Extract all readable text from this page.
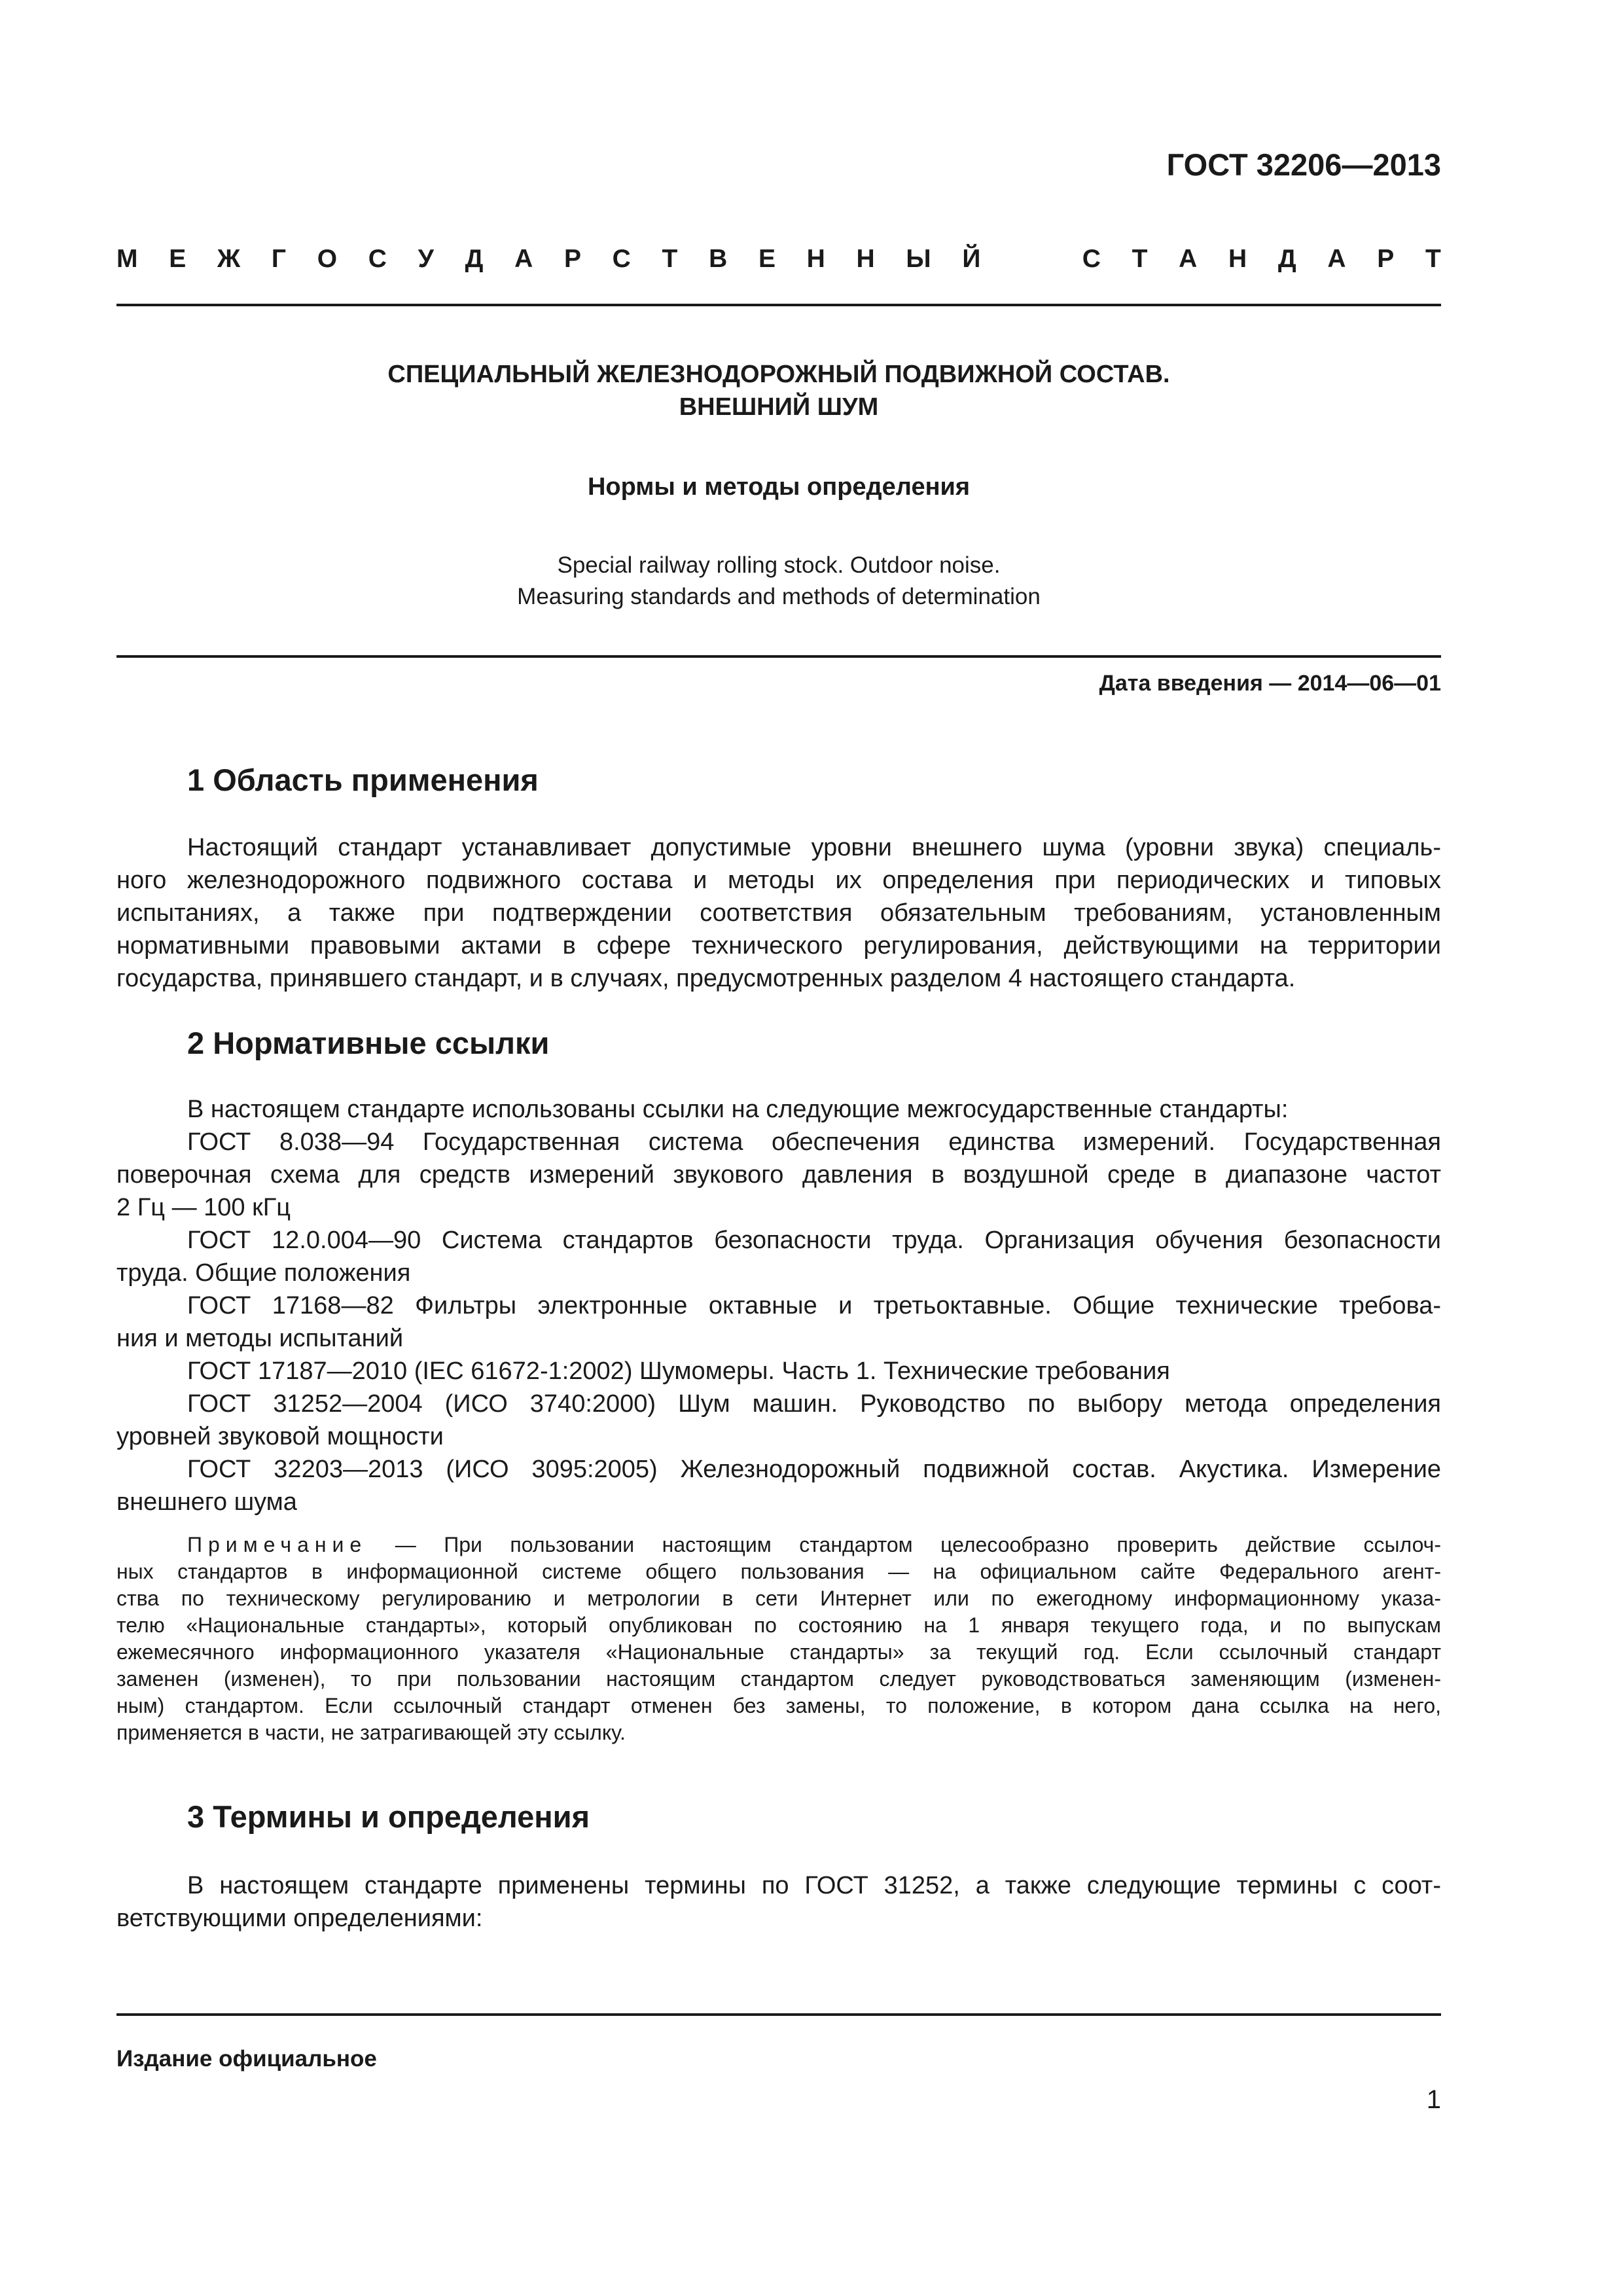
ГОСТ 32206—2013
М Е Ж Г О С У Д А Р С Т В Е Н Н Ы Й	С Т А Н Д А Р Т
СПЕЦИАЛЬНЫЙ ЖЕЛЕЗНОДОРОЖНЫЙ ПОДВИЖНОЙ СОСТАВ.
ВНЕШНИЙ ШУМ
Нормы и методы определения
Special railway rolling stock. Outdoor noise.
Measuring standards and methods of determination
Дата введения — 2014—06—01
1 Область применения
Настоящий стандарт устанавливает допустимые уровни внешнего шума (уровни звука) специаль-
ного железнодорожного подвижного состава и методы их определения при периодических и типовых
испытаниях, а также при подтверждении соответствия обязательным требованиям, установленным
нормативными правовыми актами в сфере технического регулирования, действующими на территории
государства, принявшего стандарт, и в случаях, предусмотренных разделом 4 настоящего стандарта.
2 Нормативные ссылки
В настоящем стандарте использованы ссылки на следующие межгосударственные стандарты:
ГОСТ 8.038—94 Государственная система обеспечения единства измерений. Государственная
поверочная схема для средств измерений звукового давления в воздушной среде в диапазоне частот
2 Гц — 100 кГц
ГОСТ 12.0.004—90 Система стандартов безопасности труда. Организация обучения безопасности
труда. Общие положения
ГОСТ 17168—82 Фильтры электронные октавные и третьоктавные. Общие технические требова-
ния и методы испытаний
ГОСТ 17187—2010 (IEC 61672-1:2002) Шумомеры. Часть 1. Технические требования
ГОСТ 31252—2004 (ИСО 3740:2000) Шум машин. Руководство по выбору метода определения
уровней звуковой мощности
ГОСТ 32203—2013 (ИСО 3095:2005) Железнодорожный подвижной состав. Акустика. Измерение
внешнего шума
Примечание — При пользовании настоящим стандартом целесообразно проверить действие ссылоч-
ных стандартов в информационной системе общего пользования — на официальном сайте Федерального агент-
ства по техническому регулированию и метрологии в сети Интернет или по ежегодному информационному указа-
телю «Национальные стандарты», который опубликован по состоянию на 1 января текущего года, и по выпускам
ежемесячного информационного указателя «Национальные стандарты» за текущий год. Если ссылочный стандарт
заменен (изменен), то при пользовании настоящим стандартом следует руководствоваться заменяющим (изменен-
ным) стандартом. Если ссылочный стандарт отменен без замены, то положение, в котором дана ссылка на него,
применяется в части, не затрагивающей эту ссылку.
3 Термины и определения
В настоящем стандарте применены термины по ГОСТ 31252, а также следующие термины с соот-
ветствующими определениями:
Издание официальное
1
